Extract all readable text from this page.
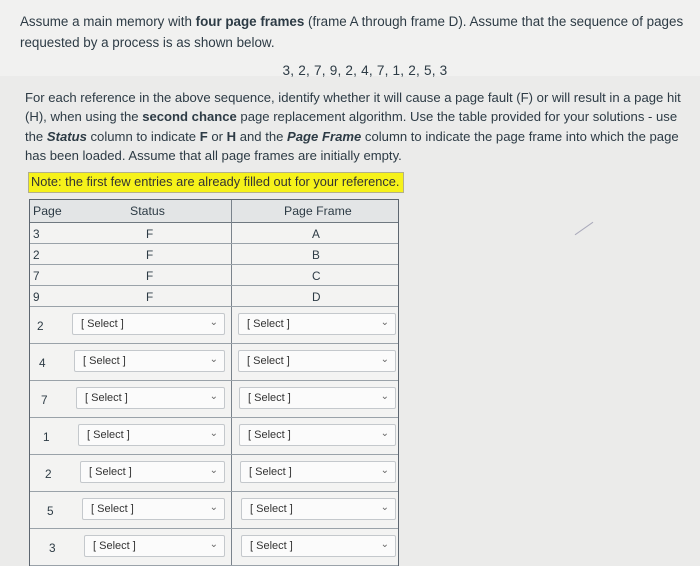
Assume a main memory with four page frames (frame A through frame D). Assume that the sequence of pages requested by a process is as shown below.
3, 2, 7, 9, 2, 4, 7, 1, 2, 5, 3
For each reference in the above sequence, identify whether it will cause a page fault (F) or will result in a page hit (H), when using the second chance page replacement algorithm. Use the table provided for your solutions - use the Status column to indicate F or H and the Page Frame column to indicate the page frame into which the page has been loaded. Assume that all page frames are initially empty.
Note: the first few entries are already filled out for your reference.
Page	Status	Page Frame
3	F	A
2	F	B
7	F	C
9	F	D
2	[ Select ]	⌄	[ Select ]	⌄
4	[ Select ]	⌄	[ Select ]	⌄
7	[ Select ]	⌄	[ Select ]	⌄
1	[ Select ]	⌄	[ Select ]	⌄
2	[ Select ]	⌄	[ Select ]	⌄
5	[ Select ]	⌄	[ Select ]	⌄
3	[ Select ]	⌄	[ Select ]	⌄
